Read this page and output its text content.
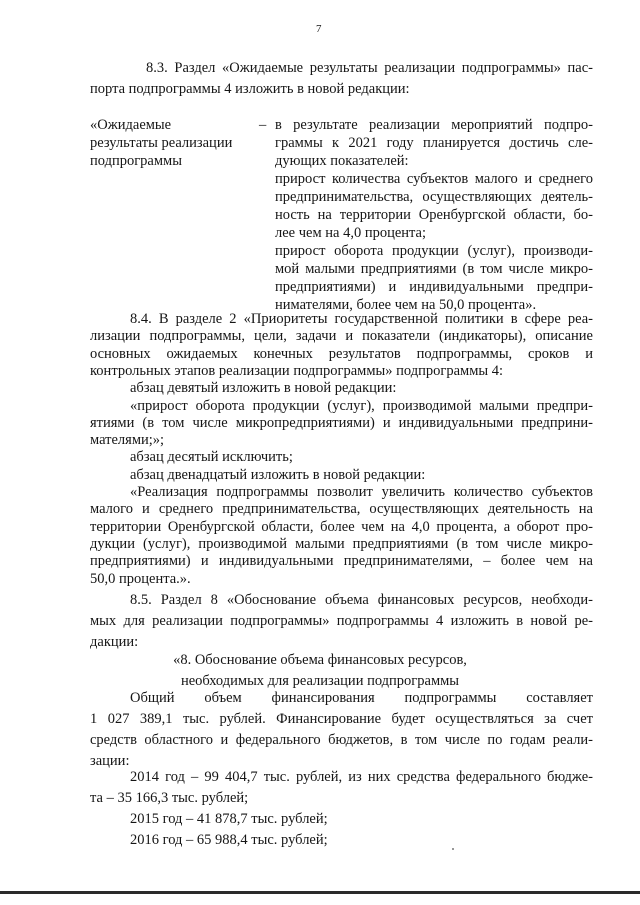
7
8.3. Раздел «Ожидаемые результаты реализации подпрограммы» пас-
порта подпрограммы 4 изложить в новой редакции:
«Ожидаемые
результаты реализации
подпрограммы
– в результате реализации мероприятий подпро-
граммы к 2021 году планируется достичь сле-
дующих показателей:
прирост количества субъектов малого и среднего
предпринимательства, осуществляющих деятель-
ность на территории Оренбургской области, бо-
лее чем на 4,0 процента;
прирост оборота продукции (услуг), производи-
мой малыми предприятиями (в том числе микро-
предприятиями) и индивидуальными предпри-
нимателями, более чем на 50,0 процента».
8.4. В разделе 2 «Приоритеты государственной политики в сфере реа-
лизации подпрограммы, цели, задачи и показатели (индикаторы), описание
основных ожидаемых конечных результатов подпрограммы, сроков и
контрольных этапов реализации подпрограммы» подпрограммы 4:
абзац девятый изложить в новой редакции:
«прирост оборота продукции (услуг), производимой малыми предпри-
ятиями (в том числе микропредприятиями) и индивидуальными предприни-
мателями;»;
абзац десятый исключить;
абзац двенадцатый изложить в новой редакции:
«Реализация подпрограммы позволит увеличить количество субъектов
малого и среднего предпринимательства, осуществляющих деятельность на
территории Оренбургской области, более чем на 4,0 процента, а оборот про-
дукции (услуг), производимой малыми предприятиями (в том числе микро-
предприятиями) и индивидуальными предпринимателями, – более чем на
50,0 процента.».
8.5. Раздел 8 «Обоснование объема финансовых ресурсов, необходи-
мых для реализации подпрограммы» подпрограммы 4 изложить в новой ре-
дакции:
«8. Обоснование объема финансовых ресурсов,
необходимых для реализации подпрограммы
Общий объем финансирования подпрограммы составляет
1 027 389,1 тыс. рублей. Финансирование будет осуществляться за счет
средств областного и федерального бюджетов, в том числе по годам реали-
зации:
2014 год – 99 404,7 тыс. рублей, из них средства федерального бюдже-
та – 35 166,3 тыс. рублей;
2015 год – 41 878,7 тыс. рублей;
2016 год – 65 988,4 тыс. рублей;
